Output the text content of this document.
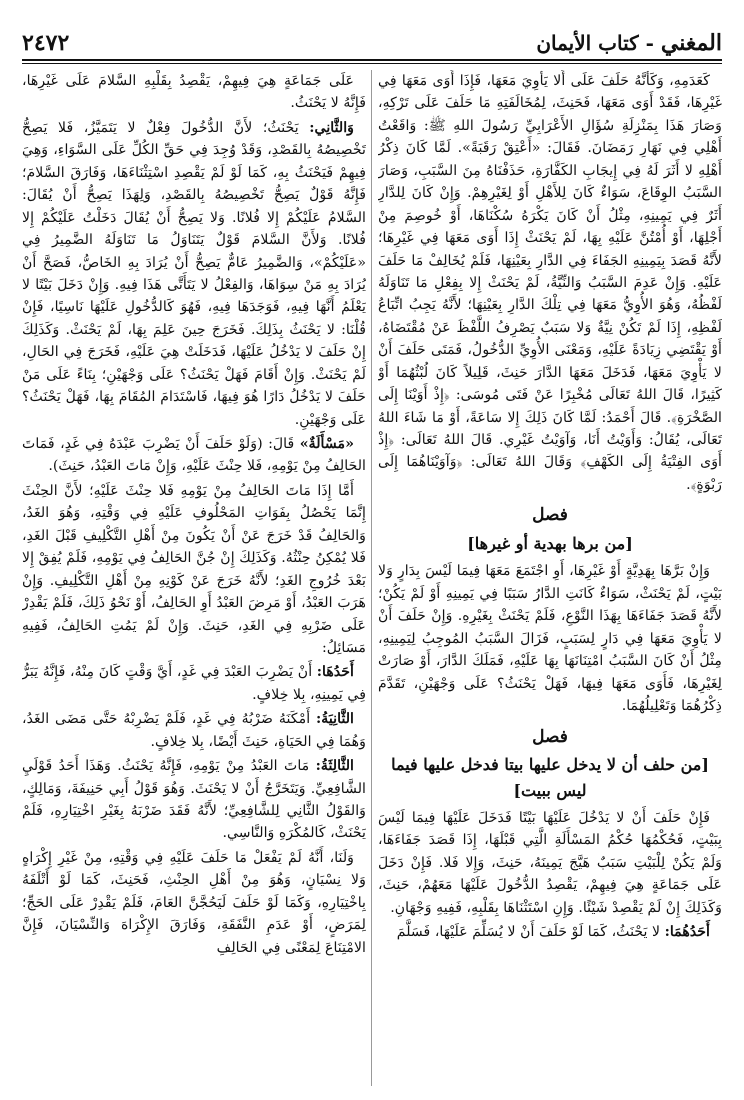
المغني - كتاب الأيمان
٢٤٧٢

كَعَدَمِهِ، وَكَأَنَّهُ حَلَفَ عَلَى أَلا يَأْوِيَ مَعَهَا، فَإِذَا أَوَى مَعَهَا فِي غَيْرِهَا، فَقَدْ أَوَى مَعَهَا، فَحَنِثَ، لِمُخَالَفَتِهِ مَا حَلَفَ عَلَى تَرْكِهِ، وَصَارَ هَذَا بِمَنْزِلَةِ سُؤَالِ الأَعْرَابِيِّ رَسُولَ اللهِ ﷺ: وَاقَعْتُ أَهْلِي فِي نَهَارِ رَمَضَانَ. فَقَالَ: «أَعْتِقْ رَقَبَةً». لَمَّا كَانَ ذِكْرُ أَهْلِهِ لا أَثَرَ لَهُ فِي إِيجَابِ الكَفَّارَةِ، حَذَفْنَاهُ مِنَ السَّبَبِ، وَصَارَ السَّبَبُ الوِقَاعَ، سَوَاءٌ كَانَ لِلأَهْلِ أَوْ لِغَيْرِهِمْ. وَإِنْ كَانَ لِلدَّارِ أَثَرٌ فِي يَمِينِهِ، مِثْلُ أَنْ كَانَ يَكْرَهُ سُكْنَاهَا، أَوْ خُوصِمَ مِنْ أَجْلِهَا، أَوْ أُمْتُنَّ عَلَيْهِ بِهَا، لَمْ يَحْنَثْ إِذَا أَوَى مَعَهَا فِي غَيْرِهَا؛ لأَنَّهُ قَصَدَ بِيَمِينِهِ الجَفَاءَ فِي الدَّارِ بِعَيْنِهَا، فَلَمْ يُخَالِفْ مَا حَلَفَ عَلَيْهِ. وَإِنْ عَدِمَ السَّبَبُ وَالنِّيَّةُ، لَمْ يَحْنَثْ إِلا بِفِعْلِ مَا تَنَاوَلَهُ لَفْظُهُ، وَهُوَ الأُوِيُّ مَعَهَا فِي تِلْكَ الدَّارِ بِعَيْنِهَا؛ لأَنَّهُ يَجِبُ اتِّبَاعُ لَفْظِهِ، إِذَا لَمْ تَكُنْ نِيَّةٌ وَلا سَبَبٌ يَصْرِفُ اللَّفْظَ عَنْ مُقْتَضَاهُ، أَوْ يَقْتَضِي زِيَادَةً عَلَيْهِ، وَمَعْنَى الأُوِيِّ الدُّخُولُ، فَمَتَى حَلَفَ أَنْ لا يَأْوِيَ مَعَهَا، فَدَخَلَ مَعَهَا الدَّارَ حَنِثَ، قَلِيلاً كَانَ لُبْثُهُمَا أَوْ كَثِيرًا، قَالَ اللهُ تَعَالَى مُخْبِرًا عَنْ فَتَى مُوسَى: ﴿إِذْ أَوَيْنَا إِلَى الصَّخْرَةِ﴾. قَالَ أَحْمَدُ: لَمَّا كَانَ ذَلِكَ إِلا سَاعَةً، أَوْ مَا شَاءَ اللهُ تَعَالَى، يُقَالُ: وَأَوَيْتُ أَنَا، وَآوَيْتُ غَيْرِي. قَالَ اللهُ تَعَالَى: ﴿إِذْ أَوَى الفِتْيَةُ إِلَى الكَهْفِ﴾ وَقَالَ اللهُ تَعَالَى: ﴿وَآوَيْنَاهُمَا إِلَى رَبْوَةٍ﴾.

فصل
[من برها بهدية أو غيرها]

وَإِنْ بَرَّهَا بِهَدِيَّةٍ أَوْ غَيْرِهَا، أَوِ اجْتَمَعَ مَعَهَا فِيمَا لَيْسَ بِدَارٍ وَلا بَيْتٍ، لَمْ يَحْنَثْ، سَوَاءٌ كَانَتِ الدَّارُ سَبَبًا فِي يَمِينِهِ أَوْ لَمْ يَكُنْ؛ لأَنَّهُ قَصَدَ جَفَاءَهَا بِهَذَا النَّوْعِ، فَلَمْ يَحْنَثْ بِغَيْرِهِ. وَإِنْ حَلَفَ أَنْ لا يَأْوِيَ مَعَهَا فِي دَارٍ لِسَبَبٍ، فَزَالَ السَّبَبُ المُوجِبُ لِيَمِينِهِ، مِثْلُ أَنْ كَانَ السَّبَبُ امْتِنَانَهَا بِهَا عَلَيْهِ، فَمَلَكَ الدَّارَ، أَوْ صَارَتْ لِغَيْرِهَا، فَأَوَى مَعَهَا فِيهَا، فَهَلْ يَحْنَثُ؟ عَلَى وَجْهَيْنِ، تَقَدَّمَ ذِكْرُهُمَا وَتَعْلِيلُهُمَا.

فصل
[من حلف أن لا يدخل عليها بيتا فدخل عليها فيما ليس ببيت]

فَإِنْ حَلَفَ أَنْ لا يَدْخُلَ عَلَيْهَا بَيْتًا فَدَخَلَ عَلَيْهَا فِيمَا لَيْسَ بِبَيْتٍ، فَحُكْمُهَا حُكْمُ المَسْأَلَةِ الَّتِي قَبْلَهَا، إِذَا قَصَدَ جَفَاءَهَا، وَلَمْ يَكُنْ لِلْبَيْتِ سَبَبٌ هَيَّجَ يَمِينَهُ، حَنِثَ، وَإِلا فَلا. فَإِنْ دَخَلَ عَلَى جَمَاعَةٍ هِيَ فِيهِمْ، يَقْصِدُ الدُّخُولَ عَلَيْهَا مَعَهُمْ، حَنِثَ، وَكَذَلِكَ إِنْ لَمْ يَقْصِدْ شَيْئًا. وَإِنِ اسْتَثْنَاهَا بِقَلْبِهِ، فَفِيهِ وَجْهَانِ.

أَحَدُهُمَا: لا يَحْنَثُ، كَمَا لَوْ حَلَفَ أَنْ لا يُسَلِّمَ عَلَيْهَا، فَسَلَّمَ

عَلَى جَمَاعَةٍ هِيَ فِيهِمْ، يَقْصِدُ بِقَلْبِهِ السَّلامَ عَلَى غَيْرِهَا، فَإِنَّهُ لا يَحْنَثُ.

وَالثَّانِي: يَحْنَثُ؛ لأَنَّ الدُّخُولَ فِعْلٌ لا يَتَمَيَّزُ، فَلا يَصِحُّ تَخْصِيصُهُ بِالقَصْدِ، وَقَدْ وُجِدَ فِي حَقِّ الكُلِّ عَلَى السَّوَاءِ، وَهِيَ فِيهِمْ فَيَحْنَثُ بِهِ، كَمَا لَوْ لَمْ يَقْصِدِ اسْتِثْنَاءَهَا، وَفَارَقَ السَّلامَ؛ فَإِنَّهُ قَوْلٌ يَصِحُّ تَخْصِيصُهُ بِالقَصْدِ، وَلِهَذَا يَصِحُّ أَنْ يُقَالَ: السَّلامُ عَلَيْكُمْ إِلا فُلانًا. وَلا يَصِحُّ أَنْ يُقَالَ دَخَلْتُ عَلَيْكُمْ إِلا فُلانًا. وَلأَنَّ السَّلامَ قَوْلٌ يَتَنَاوَلُ مَا تَنَاوَلَهُ الضَّمِيرُ فِي «عَلَيْكُمْ»، وَالضَّمِيرُ عَامٌّ يَصِحُّ أَنْ يُرَادَ بِهِ الخَاصُّ، فَصَحَّ أَنْ يُرَادَ بِهِ مَنْ سِوَاهَا، وَالفِعْلُ لا يَتَأَتَّى هَذَا فِيهِ. وَإِنْ دَخَلَ بَيْتًا لا يَعْلَمُ أَنَّهَا فِيهِ، فَوَجَدَهَا فِيهِ، فَهُوَ كَالدُّخُولِ عَلَيْهَا نَاسِيًا، فَإِنْ قُلْنَا: لا يَحْنَثُ بِذَلِكَ. فَخَرَجَ حِينَ عَلِمَ بِهَا، لَمْ يَحْنَثْ. وَكَذَلِكَ إِنْ حَلَفَ لا يَدْخُلُ عَلَيْهَا، فَدَخَلَتْ هِيَ عَلَيْهِ، فَخَرَجَ فِي الحَالِ، لَمْ يَحْنَثْ. وَإِنْ أَقَامَ فَهَلْ يَحْنَثُ؟ عَلَى وَجْهَيْنِ؛ بِنَاءً عَلَى مَنْ حَلَفَ لا يَدْخُلُ دَارًا هُوَ فِيهَا، فَاسْتَدَامَ المُقَامَ بِهَا، فَهَلْ يَحْنَثُ؟ عَلَى وَجْهَيْنِ.

«مَسْأَلَةٌ» قَالَ: (وَلَوْ حَلَفَ أَنْ يَضْرِبَ عَبْدَهُ فِي غَدٍ، فَمَاتَ الحَالِفُ مِنْ يَوْمِهِ، فَلا حِنْثَ عَلَيْهِ، وَإِنْ مَاتَ العَبْدُ، حَنِثَ).

أَمَّا إِذَا مَاتَ الحَالِفُ مِنْ يَوْمِهِ فَلا حِنْثَ عَلَيْهِ؛ لأَنَّ الحِنْثَ إِنَّمَا يَحْصُلُ بِفَوَاتِ المَحْلُوفِ عَلَيْهِ فِي وَقْتِهِ، وَهُوَ الغَدُ، وَالحَالِفُ قَدْ خَرَجَ عَنْ أَنْ يَكُونَ مِنْ أَهْلِ التَّكْلِيفِ قَبْلَ الغَدِ، فَلا يُمْكِنُ حِنْثُهُ. وَكَذَلِكَ إِنْ جُنَّ الحَالِفُ فِي يَوْمِهِ، فَلَمْ يُفِقْ إِلا بَعْدَ خُرُوجِ الغَدِ؛ لأَنَّهُ خَرَجَ عَنْ كَوْنِهِ مِنْ أَهْلِ التَّكْلِيفِ. وَإِنْ هَرَبَ العَبْدُ، أَوْ مَرِضَ العَبْدُ أَوِ الحَالِفُ، أَوْ نَحْوُ ذَلِكَ، فَلَمْ يَقْدِرْ عَلَى ضَرْبِهِ فِي الغَدِ، حَنِثَ. وَإِنْ لَمْ يَمُتِ الحَالِفُ، فَفِيهِ مَسَائِلُ:

أَحَدُهَا: أَنْ يَضْرِبَ العَبْدَ فِي غَدٍ، أَيَّ وَقْتٍ كَانَ مِنْهُ، فَإِنَّهُ يَبَرُّ فِي يَمِينِهِ، بِلا خِلافٍ.

الثَّانِيَةُ: أَمْكَنَهُ ضَرْبُهُ فِي غَدٍ، فَلَمْ يَضْرِبْهُ حَتَّى مَضَى الغَدُ، وَهُمَا فِي الحَيَاةِ، حَنِثَ أَيْضًا، بِلا خِلافٍ.

الثَّالِثَةُ: مَاتَ العَبْدُ مِنْ يَوْمِهِ، فَإِنَّهُ يَحْنَثُ. وَهَذَا أَحَدُ قَوْلَيِ الشَّافِعِيِّ. وَيَتَخَرَّجُ أَنْ لا يَحْنَثَ. وَهُوَ قَوْلُ أَبِي حَنِيفَةَ، وَمَالِكٍ، وَالقَوْلُ الثَّانِي لِلشَّافِعِيِّ؛ لأَنَّهُ فَقَدَ ضَرْبَهُ بِغَيْرِ اخْتِيَارِهِ، فَلَمْ يَحْنَثْ، كَالمُكْرَهِ وَالنَّاسِي.

وَلَنَا، أَنَّهُ لَمْ يَفْعَلْ مَا حَلَفَ عَلَيْهِ فِي وَقْتِهِ، مِنْ غَيْرِ إِكْرَاهٍ وَلا نِسْيَانٍ، وَهُوَ مِنْ أَهْلِ الحِنْثِ، فَحَنِثَ، كَمَا لَوْ أَتْلَفَهُ بِاخْتِيَارِهِ، وَكَمَا لَوْ حَلَفَ لَيَحُجَّنَّ العَامَ، فَلَمْ يَقْدِرْ عَلَى الحَجِّ؛ لِمَرَضٍ، أَوْ عَدَمِ النَّفَقَةِ، وَفَارَقَ الإِكْرَاهَ وَالنِّسْيَانَ، فَإِنَّ الامْتِنَاعَ لِمَعْنًى فِي الحَالِفِ
